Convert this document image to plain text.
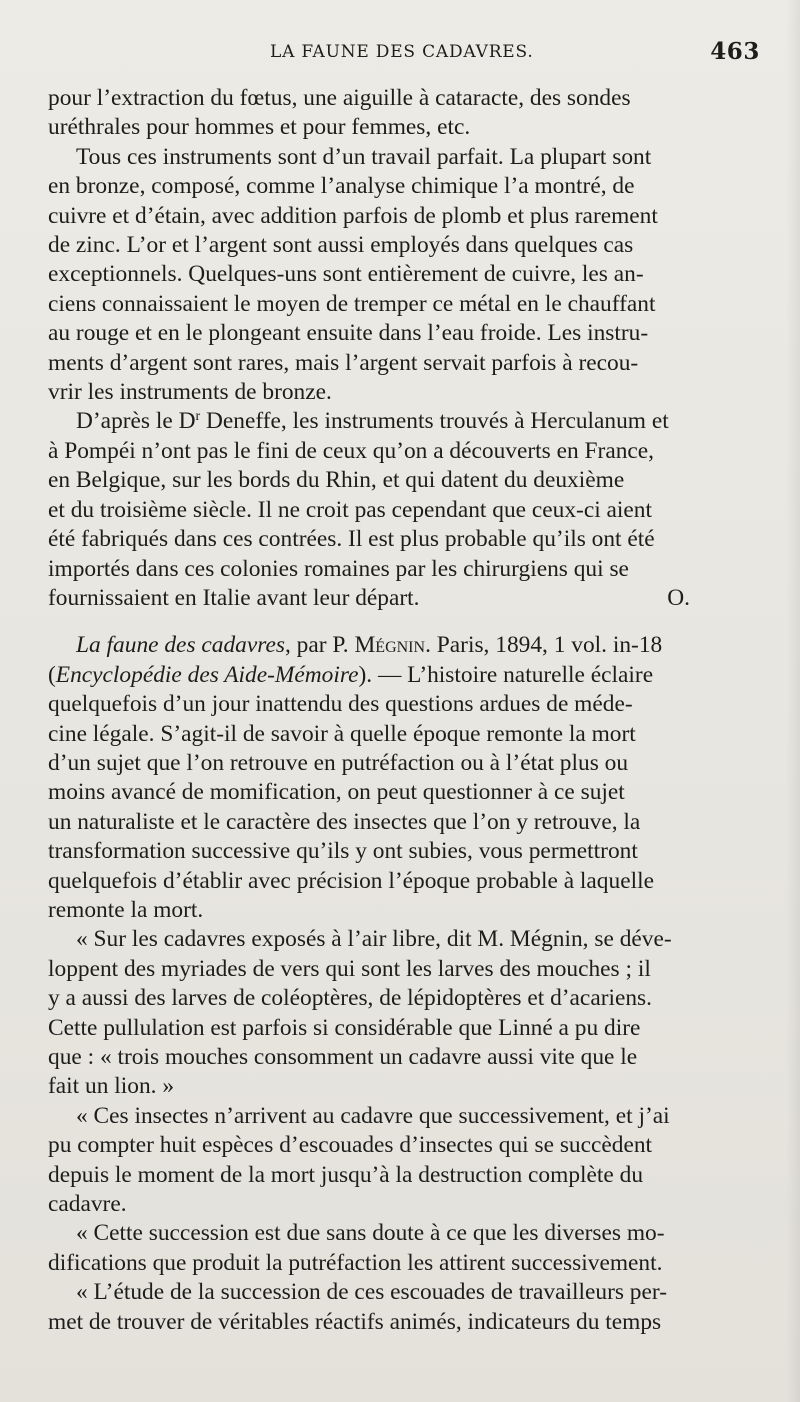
LA FAUNE DES CADAVRES.	463

pour l’extraction du fœtus, une aiguille à cataracte, des sondes
uréthrales pour hommes et pour femmes, etc.

Tous ces instruments sont d’un travail parfait. La plupart sont
en bronze, composé, comme l’analyse chimique l’a montré, de
cuivre et d’étain, avec addition parfois de plomb et plus rarement
de zinc. L’or et l’argent sont aussi employés dans quelques cas
exceptionnels. Quelques-uns sont entièrement de cuivre, les an-
ciens connaissaient le moyen de tremper ce métal en le chauffant
au rouge et en le plongeant ensuite dans l’eau froide. Les instru-
ments d’argent sont rares, mais l’argent servait parfois à recou-
vrir les instruments de bronze.

D’après le $D^r$ Deneffe, les instruments trouvés à Herculanum et
à Pompéi n’ont pas le fini de ceux qu’on a découverts en France,
en Belgique, sur les bords du Rhin, et qui datent du deuxième
et du troisième siècle. Il ne croit pas cependant que ceux-ci aient
été fabriqués dans ces contrées. Il est plus probable qu’ils ont été
importés dans ces colonies romaines par les chirurgiens qui se
fournissaient en Italie avant leur départ.	O.

La faune des cadavres, par P. Mégnin. Paris, 1894, 1 vol. in-18
(Encyclopédie des Aide-Mémoire). — L’histoire naturelle éclaire
quelquefois d’un jour inattendu des questions ardues de méde-
cine légale. S’agit-il de savoir à quelle époque remonte la mort
d’un sujet que l’on retrouve en putréfaction ou à l’état plus ou
moins avancé de momification, on peut questionner à ce sujet
un naturaliste et le caractère des insectes que l’on y retrouve, la
transformation successive qu’ils y ont subies, vous permettront
quelquefois d’établir avec précision l’époque probable à laquelle
remonte la mort.

« Sur les cadavres exposés à l’air libre, dit M. Mégnin, se déve-
loppent des myriades de vers qui sont les larves des mouches ; il
y a aussi des larves de coléoptères, de lépidoptères et d’acariens.
Cette pullulation est parfois si considérable que Linné a pu dire
que : « trois mouches consomment un cadavre aussi vite que le
fait un lion. »

« Ces insectes n’arrivent au cadavre que successivement, et j’ai
pu compter huit espèces d’escouades d’insectes qui se succèdent
depuis le moment de la mort jusqu’à la destruction complète du
cadavre.

« Cette succession est due sans doute à ce que les diverses mo-
difications que produit la putréfaction les attirent successivement.

« L’étude de la succession de ces escouades de travailleurs per-
met de trouver de véritables réactifs animés, indicateurs du temps
